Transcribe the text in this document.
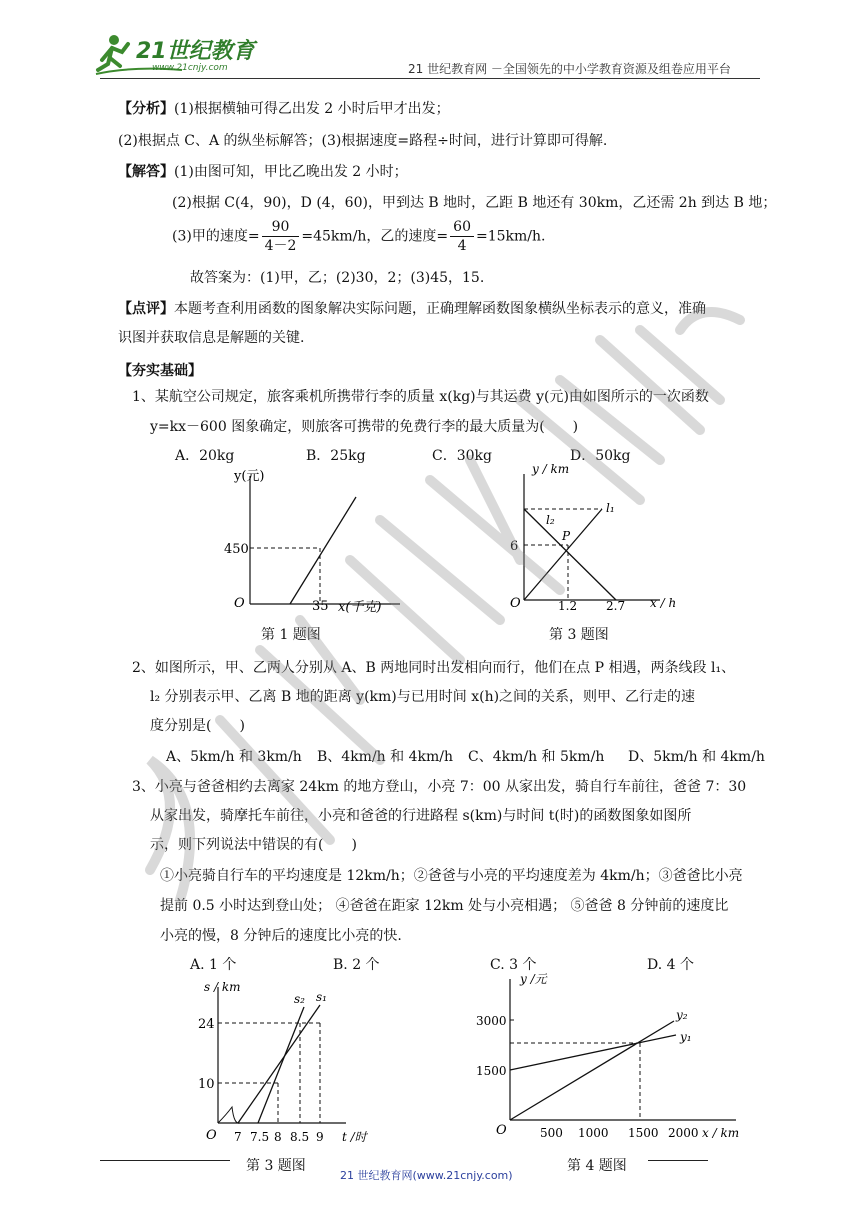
21世纪教育
www.21cnjy.com	21 世纪教育网 －全国领先的中小学教育资源及组卷应用平台
【分析】(1)根据横轴可得乙出发 2 小时后甲才出发；
(2)根据点 C、A 的纵坐标解答；(3)根据速度=路程÷时间，进行计算即可得解.
【解答】(1)由图可知，甲比乙晚出发 2 小时；
(2)根据 C(4，90)，D (4，60)，甲到达 B 地时，乙距 B 地还有 30km，乙还需 2h 到达 B 地；
(3)甲的速度= $\frac{90}{4-2} =45km/h$，乙的速度= $\frac{60}{4} =15km/h$.
故答案为：(1)甲，乙；(2)30，2；(3)45，15.
【点评】本题考查利用函数的图象解决实际问题，正确理解函数图象横纵坐标表示的意义，准确
识图并获取信息是解题的关键.
【夯实基础】
1、某航空公司规定，旅客乘机所携带行李的质量 x(kg)与其运费 y(元)由如图所示的一次函数
y=kx－600 图象确定，则旅客可携带的免费行李的最大质量为(　　)
A．20kg	B．25kg	C．30kg	D．50kg
y(元)
x(千克)
O
450
35
第 1 题图
y / km
x / h
O
6
1.2 2.7
P
l₁
l₂
第 3 题图
2、如图所示，甲、乙两人分别从 A、B 两地同时出发相向而行，他们在点 P 相遇，两条线段 l₁、
l₂ 分别表示甲、乙离 B 地的距离 y(km)与已用时间 x(h)之间的关系，则甲、乙行走的速
度分别是(　　)
A、5km/h 和 3km/h B、4km/h 和 4km/h C、4km/h 和 5km/h D、5km/h 和 4km/h
3、小亮与爸爸相约去离家 24km 的地方登山，小亮 7：00 从家出发，骑自行车前往，爸爸 7：30
从家出发，骑摩托车前往，小亮和爸爸的行进路程 s(km)与时间 t(时)的函数图象如图所
示，则下列说法中错误的有(　　)
①小亮骑自行车的平均速度是 12km/h；②爸爸与小亮的平均速度差为 4km/h；③爸爸比小亮
提前 0.5 小时达到登山处； ④爸爸在距家 12km 处与小亮相遇； ⑤爸爸 8 分钟前的速度比
小亮的慢，8 分钟后的速度比小亮的快.
A. 1 个	B. 2 个	C. 3 个	D. 4 个
s / km
t /时
O
24
10
7 7.5 8 8.5 9
s₂ s₁
y /元
x / km
O
3000
1500
500 1000 1500 2000
y₁
y₂
第 3 题图	第 4 题图
21 世纪教育网(www.21cnjy.com)
